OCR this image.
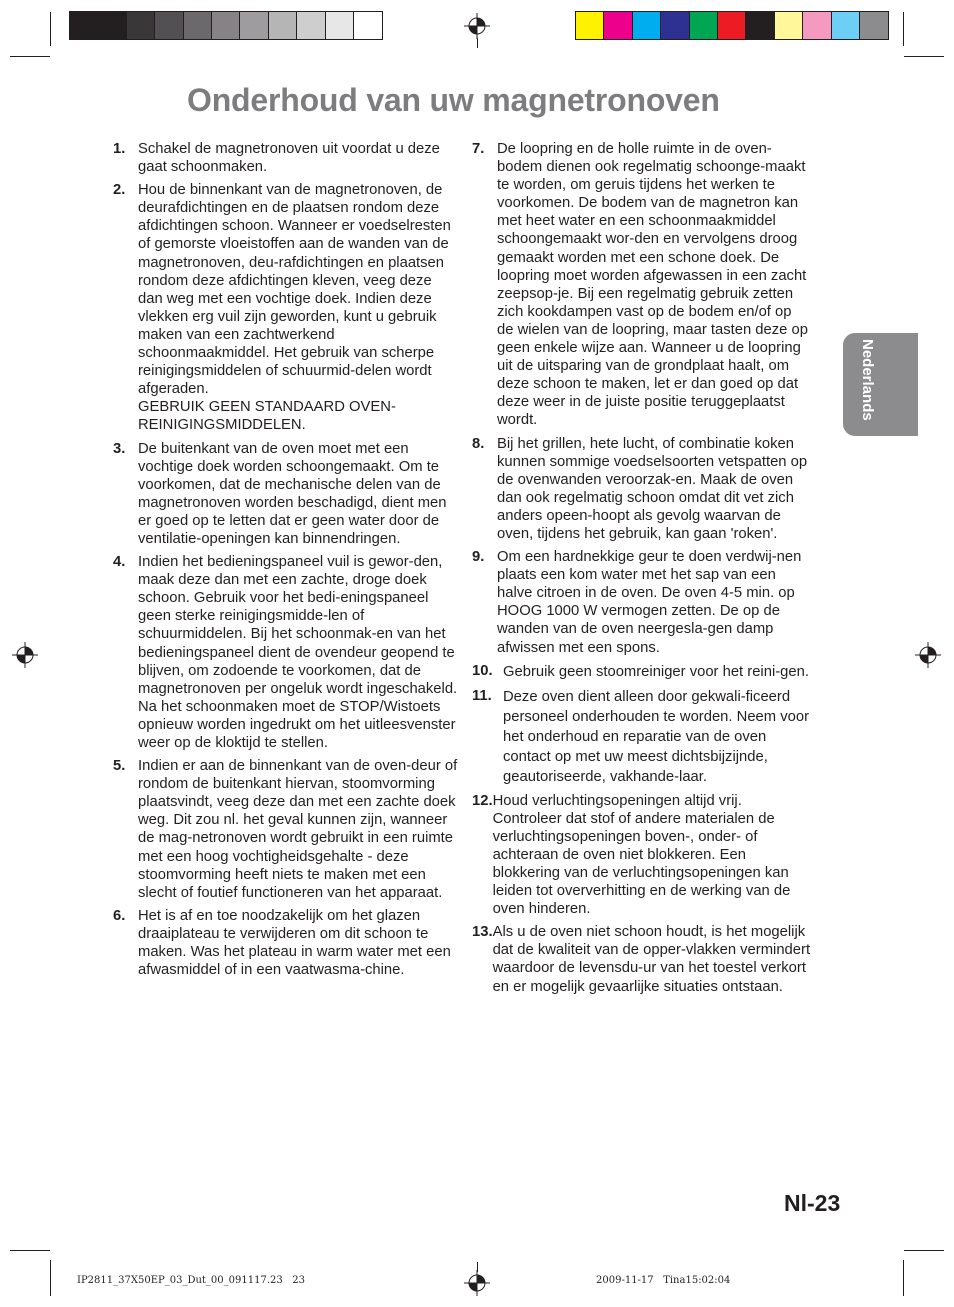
Onderhoud van uw magnetronoven
1. Schakel de magnetronoven uit voordat u deze gaat schoonmaken.

2. Hou de binnenkant van de magnetronoven, de deurafdichtingen en de plaatsen rondom deze afdichtingen schoon. Wanneer er voedselresten of gemorste vloeistoffen aan de wanden van de magnetronoven, deu-rafdichtingen en plaatsen rondom deze afdichtingen kleven, veeg deze dan weg met een vochtige doek. Indien deze vlekken erg vuil zijn geworden, kunt u gebruik maken van een zachtwerkend schoonmaakmiddel. Het gebruik van scherpe reinigingsmiddelen of schuurmid-delen wordt afgeraden.

GEBRUIK GEEN STANDAARD OVEN-REINIGINGSMIDDELEN.

3. De buitenkant van de oven moet met een vochtige doek worden schoongemaakt. Om te voorkomen, dat de mechanische delen van de magnetronoven worden beschadigd, dient men er goed op te letten dat er geen water door de ventilatie-openingen kan binnendringen.

4. Indien het bedieningspaneel vuil is gewor-den, maak deze dan met een zachte, droge doek schoon. Gebruik voor het bedi-eningspaneel geen sterke reinigingsmidde-len of schuurmiddelen. Bij het schoonmak-en van het bedieningspaneel dient de ovendeur geopend te blijven, om zodoende te voorkomen, dat de magnetronoven per ongeluk wordt ingeschakeld. Na het schoonmaken moet de STOP/Wistoets opnieuw worden ingedrukt om het uitleesvenster weer op de kloktijd te stellen.

5. Indien er aan de binnenkant van de oven-deur of rondom de buitenkant hiervan, stoomvorming plaatsvindt, veeg deze dan met een zachte doek weg. Dit zou nl. het geval kunnen zijn, wanneer de mag-netronoven wordt gebruikt in een ruimte met een hoog vochtigheidsgehalte - deze stoomvorming heeft niets te maken met een slecht of foutief functioneren van het apparaat.

6. Het is af en toe noodzakelijk om het glazen draaiplateau te verwijderen om dit schoon te maken. Was het plateau in warm water met een afwasmiddel of in een vaatwasma-chine.

7. De loopring en de holle ruimte in de oven-bodem dienen ook regelmatig schoonge-maakt te worden, om geruis tijdens het werken te voorkomen. De bodem van de magnetron kan met heet water en een schoonmaakmiddel schoongemaakt wor-den en vervolgens droog gemaakt worden met een schone doek. De loopring moet worden afgewassen in een zacht zeepsop-je. Bij een regelmatig gebruik zetten zich kookdampen vast op de bodem en/of op de wielen van de loopring, maar tasten deze op geen enkele wijze aan. Wanneer u de loopring uit de uitsparing van de grondplaat haalt, om deze schoon te maken, let er dan goed op dat deze weer in de juiste positie teruggeplaatst wordt.

8. Bij het grillen, hete lucht, of combinatie koken kunnen sommige voedselsoorten vetspatten op de ovenwanden veroorzak-en. Maak de oven dan ook regelmatig schoon omdat dit vet zich anders opeen-hoopt als gevolg waarvan de oven, tijdens het gebruik, kan gaan 'roken'.

9. Om een hardnekkige geur te doen verdwij-nen plaats een kom water met het sap van een halve citroen in de oven. De oven 4-5 min. op HOOG 1000 W vermogen zetten. De op de wanden van de oven neergesla-gen damp afwissen met een spons.

10. Gebruik geen stoomreiniger voor het reini-gen.

11. Deze oven dient alleen door gekwali-ficeerd personeel onderhouden te worden. Neem voor het onderhoud en reparatie van de oven contact op met uw meest dichtsbijzijnde, geautoriseerde, vakhande-laar.

12. Houd verluchtingsopeningen altijd vrij. Controleer dat stof of andere materialen de verluchtingsopeningen boven-, onder- of achteraan de oven niet blokkeren. Een blokkering van de verluchtingsopeningen kan leiden tot oververhitting en de werking van de oven hinderen.

13. Als u de oven niet schoon houdt, is het mogelijk dat de kwaliteit van de opper-vlakken vermindert waardoor de levensdu-ur van het toestel verkort en er mogelijk gevaarlijke situaties ontstaan.

Nederlands

Nl-23

IP2811_37X50EP_03_Dut_00_091117.23   23	2009-11-17   Tina15:02:04
